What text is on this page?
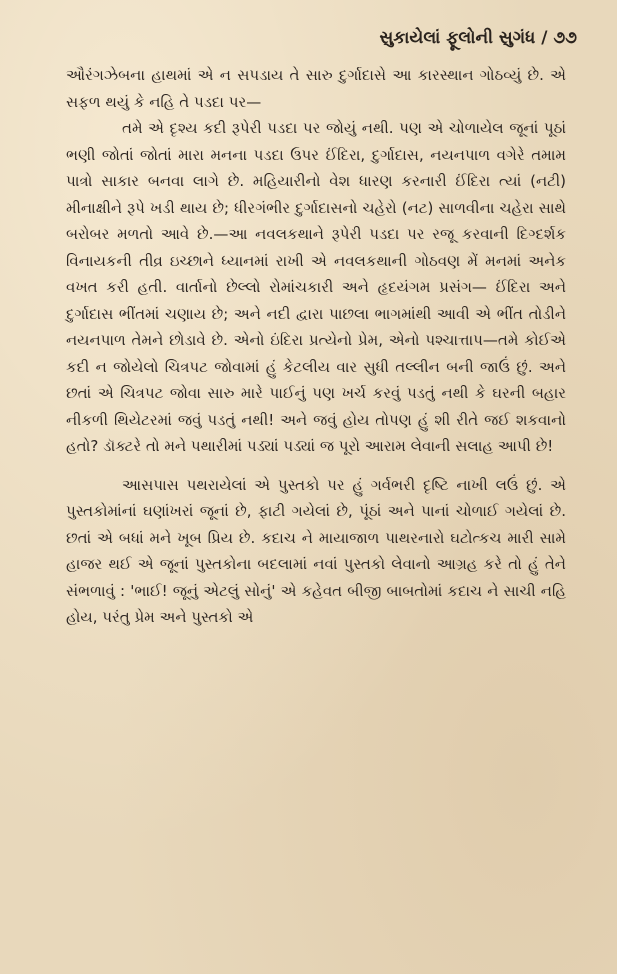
સુકાયેલાં ફૂલોની સુગંધ / ૭૭

ઔરંગઝેબના હાથમાં એ ન સપડાય તે સારુ દુર્ગાદાસે આ કારસ્થાન ગોઠવ્યું છે. એ સફળ થયું કે નહિ તે પડદા પર—

તમે એ દૃશ્ય કદી રૂપેરી પડદા પર જોયું નથી. પણ એ ચોળાયેલ જૂનાં પૂઠાં ભણી જોતાં જોતાં મારા મનના પડદા ઉપર ઈંદિરા, દુર્ગાદાસ, નયનપાળ વગેરે તમામ પાત્રો સાકાર બનવા લાગે છે. મહિયારીનો વેશ ધારણ કરનારી ઈંદિરા ત્યાં (નટી) મીનાક્ષીને રૂપે ખડી થાય છે; ધીરગંભીર દુર્ગાદાસનો ચહેરો (નટ) સાળવીના ચહેરા સાથે બરોબર મળતો આવે છે.—આ નવલકથાને રૂપેરી પડદા પર રજૂ કરવાની દિગ્દર્શક વિનાયકની તીવ્ર ઇચ્છાને ધ્યાનમાં રાખી એ નવલકથાની ગોઠવણ મેં મનમાં અનેક વખત કરી હતી. વાર્તાનો છેલ્લો રોમાંચકારી અને હૃદયંગમ પ્રસંગ— ઈંદિરા અને દુર્ગાદાસ ભીંતમાં ચણાય છે; અને નદી દ્વારા પાછલા ભાગમાંથી આવી એ ભીંત તોડીને નયનપાળ તેમને છોડાવે છે. એનો ઇંદિરા પ્રત્યેનો પ્રેમ, એનો પશ્ચાત્તાપ—તમે કોઈએ કદી ન જોયેલો ચિત્રપટ જોવામાં હું કેટલીય વાર સુધી તલ્લીન બની જાઉં છું. અને છતાં એ ચિત્રપટ જોવા સારુ મારે પાઈનું પણ ખર્ચ કરવું પડતું નથી કે ઘરની બહાર નીકળી થિયેટરમાં જવું પડતું નથી! અને જવું હોય તોપણ હું શી રીતે જઈ શકવાનો હતો? ડૉક્ટરે તો મને પથારીમાં પડ્યાં પડ્યાં જ પૂરો આરામ લેવાની સલાહ આપી છે!

આસપાસ પથરાયેલાં એ પુસ્તકો પર હું ગર્વભરી દૃષ્ટિ નાખી લઉં છું. એ પુસ્તકોમાંનાં ઘણાંખરાં જૂનાં છે, ફાટી ગયેલાં છે, પૂંઠાં અને પાનાં ચોળાઈ ગયેલાં છે. છતાં એ બધાં મને ખૂબ પ્રિય છે. કદાચ ને માયાજાળ પાથરનારો ઘટોત્કચ મારી સામે હાજર થઈ એ જૂનાં પુસ્તકોના બદલામાં નવાં પુસ્તકો લેવાનો આગ્રહ કરે તો હું તેને સંભળાવું : 'ભાઈ! જૂનું એટલું સોનું' એ કહેવત બીજી બાબતોમાં કદાચ ને સાચી નહિ હોય, પરંતુ પ્રેમ અને પુસ્તકો એ
